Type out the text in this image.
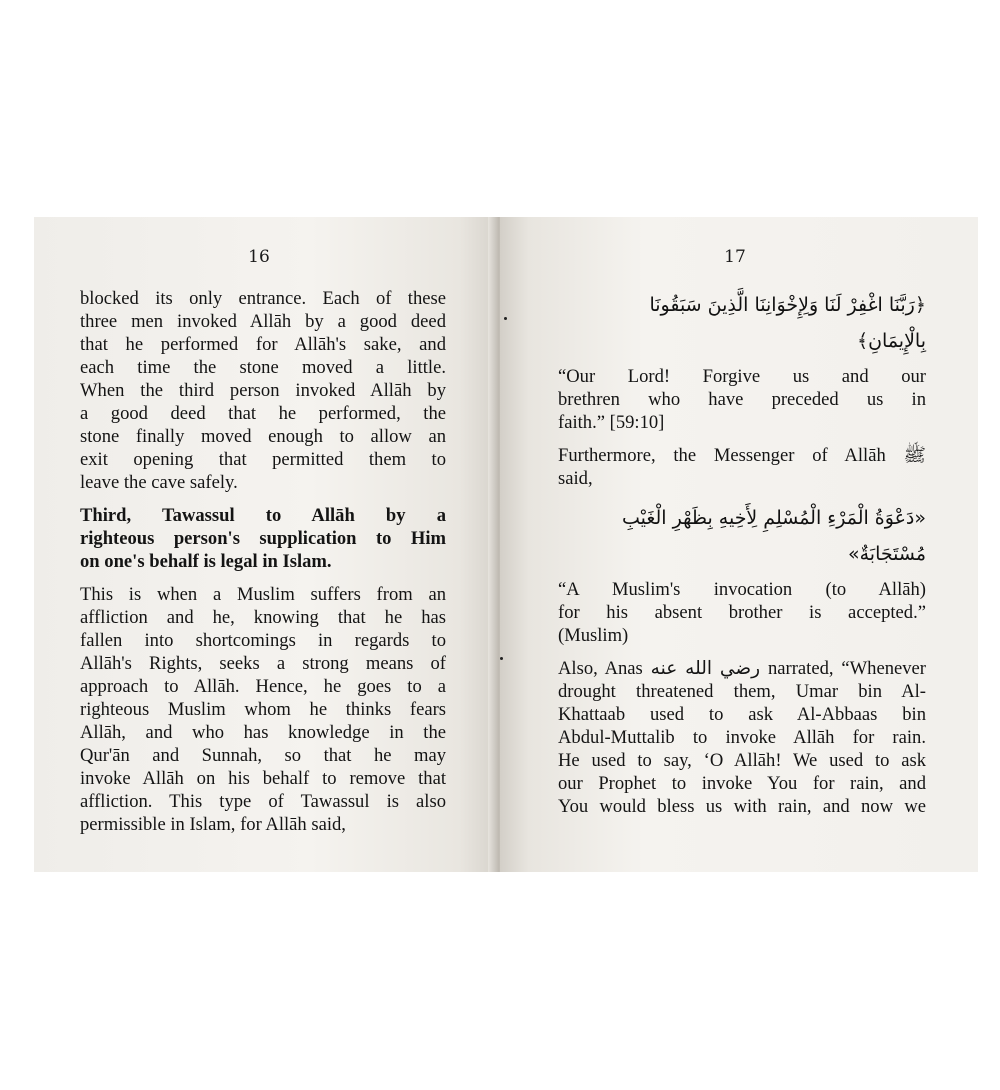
16
blocked its only entrance. Each of these
three men invoked Allāh by a good deed
that he performed for Allāh's sake, and
each time the stone moved a little.
When the third person invoked Allāh by
a good deed that he performed, the
stone finally moved enough to allow an
exit opening that permitted them to
leave the cave safely.
Third, Tawassul to Allāh by a
righteous person's supplication to Him
on one's behalf is legal in Islam.
This is when a Muslim suffers from an
affliction and he, knowing that he has
fallen into shortcomings in regards to
Allāh's Rights, seeks a strong means of
approach to Allāh. Hence, he goes to a
righteous Muslim whom he thinks fears
Allāh, and who has knowledge in the
Qur'ān and Sunnah, so that he may
invoke Allāh on his behalf to remove that
affliction. This type of Tawassul is also
permissible in Islam, for Allāh said,
17
﴿رَبَّنَا اغْفِرْ لَنَا وَلِإِخْوَانِنَا الَّذِينَ سَبَقُونَا
بِالْإِيمَانِ﴾
“Our Lord! Forgive us and our
brethren who have preceded us in
faith.” [59:10]
Furthermore, the Messenger of Allāh ﷺ
said,
«دَعْوَةُ الْمَرْءِ الْمُسْلِمِ لِأَخِيهِ بِظَهْرِ الْغَيْبِ
مُسْتَجَابَةٌ»
“A Muslim's invocation (to Allāh)
for his absent brother is accepted.”
(Muslim)
Also, Anas رضي الله عنه narrated, “Whenever
drought threatened them, Umar bin Al-
Khattaab used to ask Al-Abbaas bin
Abdul-Muttalib to invoke Allāh for rain.
He used to say, ‘O Allāh! We used to ask
our Prophet to invoke You for rain, and
You would bless us with rain, and now we
